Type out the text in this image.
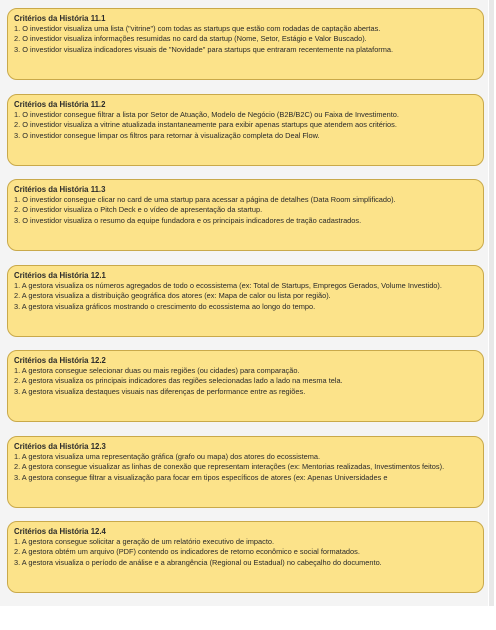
Critérios da História 11.1
1. O investidor visualiza uma lista ("vitrine") com todas as startups que estão com rodadas de captação abertas.
2. O investidor visualiza informações resumidas no card da startup (Nome, Setor, Estágio e Valor Buscado).
3. O investidor visualiza indicadores visuais de "Novidade" para startups que entraram recentemente na plataforma.
Critérios da História 11.2
1. O investidor consegue filtrar a lista por Setor de Atuação, Modelo de Negócio (B2B/B2C) ou Faixa de Investimento.
2. O investidor visualiza a vitrine atualizada instantaneamente para exibir apenas startups que atendem aos critérios.
3. O investidor consegue limpar os filtros para retornar à visualização completa do Deal Flow.
Critérios da História 11.3
1. O investidor consegue clicar no card de uma startup para acessar a página de detalhes (Data Room simplificado).
2. O investidor visualiza o Pitch Deck e o vídeo de apresentação da startup.
3. O investidor visualiza o resumo da equipe fundadora e os principais indicadores de tração cadastrados.
Critérios da História 12.1
1. A gestora visualiza os números agregados de todo o ecossistema (ex: Total de Startups, Empregos Gerados, Volume Investido).
2. A gestora visualiza a distribuição geográfica dos atores (ex: Mapa de calor ou lista por região).
3. A gestora visualiza gráficos mostrando o crescimento do ecossistema ao longo do tempo.
Critérios da História 12.2
1. A gestora consegue selecionar duas ou mais regiões (ou cidades) para comparação.
2. A gestora visualiza os principais indicadores das regiões selecionadas lado a lado na mesma tela.
3. A gestora visualiza destaques visuais nas diferenças de performance entre as regiões.
Critérios da História 12.3
1. A gestora visualiza uma representação gráfica (grafo ou mapa) dos atores do ecossistema.
2. A gestora consegue visualizar as linhas de conexão que representam interações (ex: Mentorias realizadas, Investimentos feitos).
3. A gestora consegue filtrar a visualização para focar em tipos específicos de atores (ex: Apenas Universidades e
Critérios da História 12.4
1. A gestora consegue solicitar a geração de um relatório executivo de impacto.
2. A gestora obtém um arquivo (PDF) contendo os indicadores de retorno econômico e social formatados.
3. A gestora visualiza o período de análise e a abrangência (Regional ou Estadual) no cabeçalho do documento.
